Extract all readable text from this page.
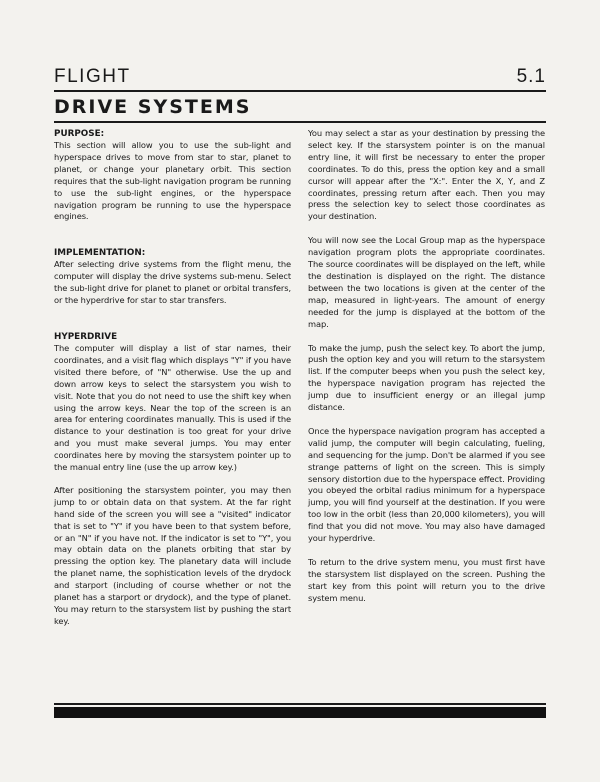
FLIGHT	5.1
DRIVE SYSTEMS
PURPOSE:

This section will allow you to use the sub-light and hyperspace drives to move from star to star, planet to planet, or change your planetary orbit. This section requires that the sub-light navigation program be running to use the sub-light engines, or the hyperspace navigation program be running to use the hyperspace engines.

IMPLEMENTATION:

After selecting drive systems from the flight menu, the computer will display the drive systems sub-menu. Select the sub-light drive for planet to planet or orbital transfers, or the hyperdrive for star to star transfers.

HYPERDRIVE

The computer will display a list of star names, their coordinates, and a visit flag which displays "Y" if you have visited there before, of "N" otherwise. Use the up and down arrow keys to select the starsystem you wish to visit. Note that you do not need to use the shift key when using the arrow keys. Near the top of the screen is an area for entering coordinates manually. This is used if the distance to your destination is too great for your drive and you must make several jumps. You may enter coordinates here by moving the starsystem pointer up to the manual entry line (use the up arrow key.)

After positioning the starsystem pointer, you may then jump to or obtain data on that system. At the far right hand side of the screen you will see a "visited" indicator that is set to "Y" if you have been to that system before, or an "N" if you have not. If the indicator is set to "Y", you may obtain data on the planets orbiting that star by pressing the option key. The planetary data will include the planet name, the sophistication levels of the drydock and starport (including of course whether or not the planet has a starport or drydock), and the type of planet. You may return to the starsystem list by pushing the start key.

You may select a star as your destination by pressing the select key. If the starsystem pointer is on the manual entry line, it will first be necessary to enter the proper coordinates. To do this, press the option key and a small cursor will appear after the "X:". Enter the X, Y, and Z coordinates, pressing return after each. Then you may press the selection key to select those coordinates as your destination.

You will now see the Local Group map as the hyperspace navigation program plots the appropriate coordinates. The source coordinates will be displayed on the left, while the destination is displayed on the right. The distance between the two locations is given at the center of the map, measured in light-years. The amount of energy needed for the jump is displayed at the bottom of the map.

To make the jump, push the select key. To abort the jump, push the option key and you will return to the starsystem list. If the computer beeps when you push the select key, the hyperspace navigation program has rejected the jump due to insufficient energy or an illegal jump distance.

Once the hyperspace navigation program has accepted a valid jump, the computer will begin calculating, fueling, and sequencing for the jump. Don't be alarmed if you see strange patterns of light on the screen. This is simply sensory distortion due to the hyperspace effect. Providing you obeyed the orbital radius minimum for a hyperspace jump, you will find yourself at the destination. If you were too low in the orbit (less than 20,000 kilometers), you will find that you did not move. You may also have damaged your hyperdrive.

To return to the drive system menu, you must first have the starsystem list displayed on the screen. Pushing the start key from this point will return you to the drive system menu.
